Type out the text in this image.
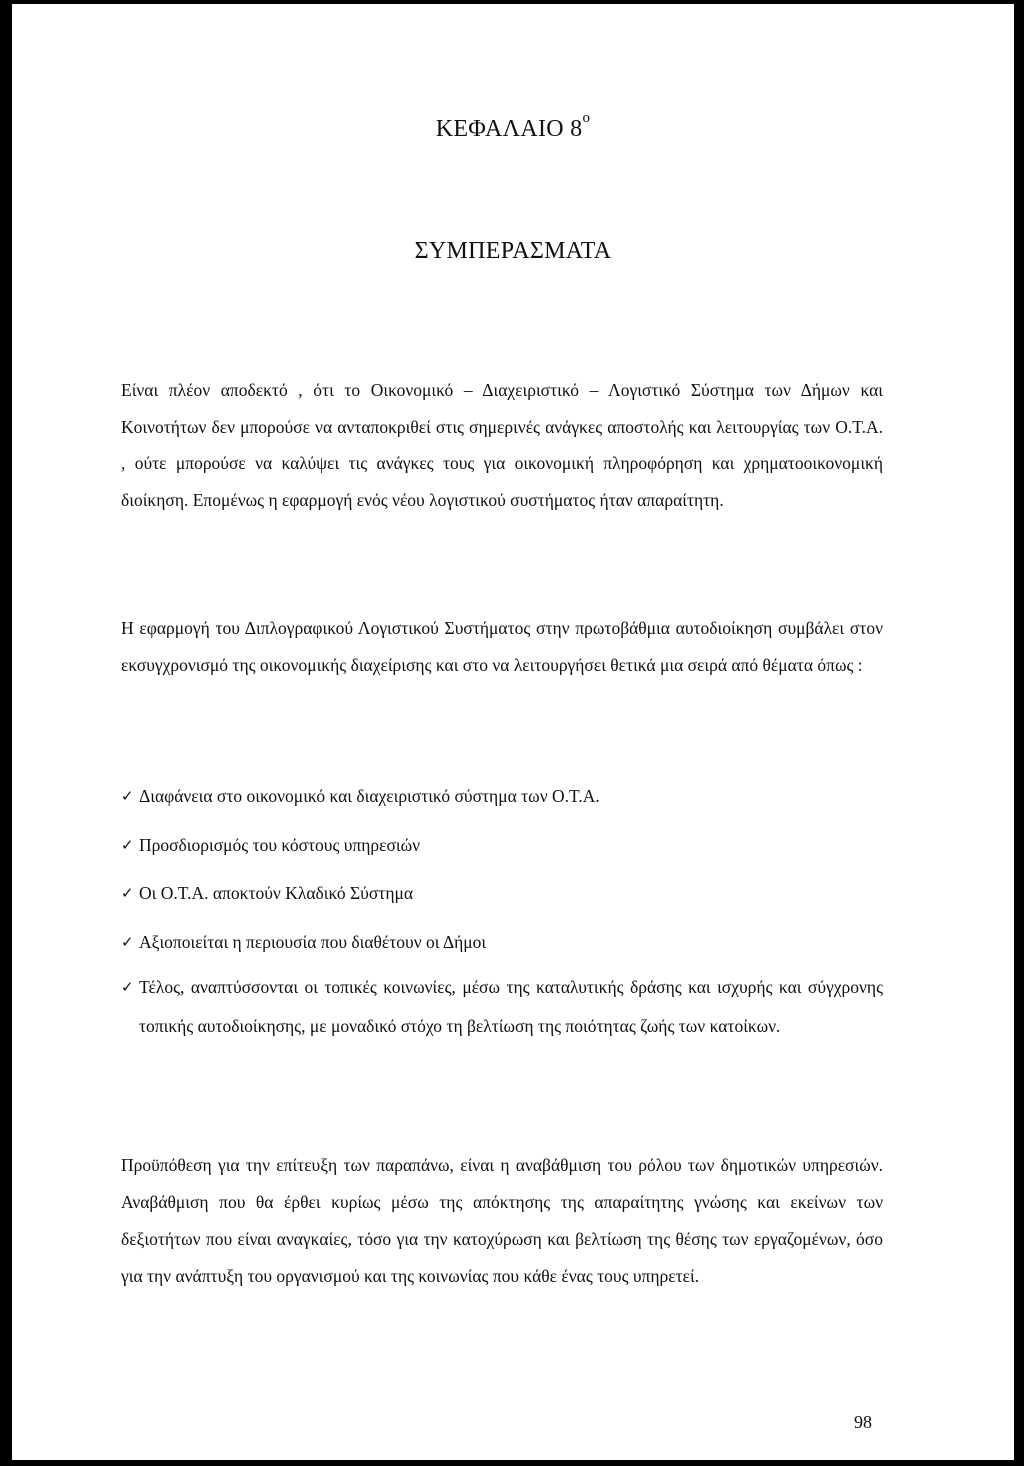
ΚΕΦΑΛΑΙΟ $8^o$
ΣΥΜΠΕΡΑΣΜΑΤΑ

Είναι πλέον αποδεκτό , ότι το Οικονομικό – Διαχειριστικό – Λογιστικό Σύστημα των Δήμων και Κοινοτήτων δεν μπορούσε να ανταποκριθεί στις σημερινές ανάγκες αποστολής και λειτουργίας των Ο.Τ.Α. , ούτε μπορούσε να καλύψει τις ανάγκες τους για οικονομική πληροφόρηση και χρηματοοικονομική διοίκηση. Επομένως η εφαρμογή ενός νέου λογιστικού συστήματος ήταν απαραίτητη.

Η εφαρμογή του Διπλογραφικού Λογιστικού Συστήματος στην πρωτοβάθμια αυτοδιοίκηση συμβάλει στον εκσυγχρονισμό της οικονομικής διαχείρισης και στο να λειτουργήσει θετικά μια σειρά από θέματα όπως :

✓ Διαφάνεια στο οικονομικό και διαχειριστικό σύστημα των Ο.Τ.Α.
✓ Προσδιορισμός του κόστους υπηρεσιών
✓ Οι Ο.Τ.Α. αποκτούν Κλαδικό Σύστημα
✓ Αξιοποιείται η περιουσία που διαθέτουν οι Δήμοι
✓ Τέλος, αναπτύσσονται οι τοπικές κοινωνίες, μέσω της καταλυτικής δράσης και ισχυρής και σύγχρονης τοπικής αυτοδιοίκησης, με μοναδικό στόχο τη βελτίωση της ποιότητας ζωής των κατοίκων.

Προϋπόθεση για την επίτευξη των παραπάνω, είναι η αναβάθμιση του ρόλου των δημοτικών υπηρεσιών. Αναβάθμιση που θα έρθει κυρίως μέσω της απόκτησης της απαραίτητης γνώσης και εκείνων των δεξιοτήτων που είναι αναγκαίες, τόσο για την κατοχύρωση και βελτίωση της θέσης των εργαζομένων, όσο για την ανάπτυξη του οργανισμού και της κοινωνίας που κάθε ένας τους υπηρετεί.

98
